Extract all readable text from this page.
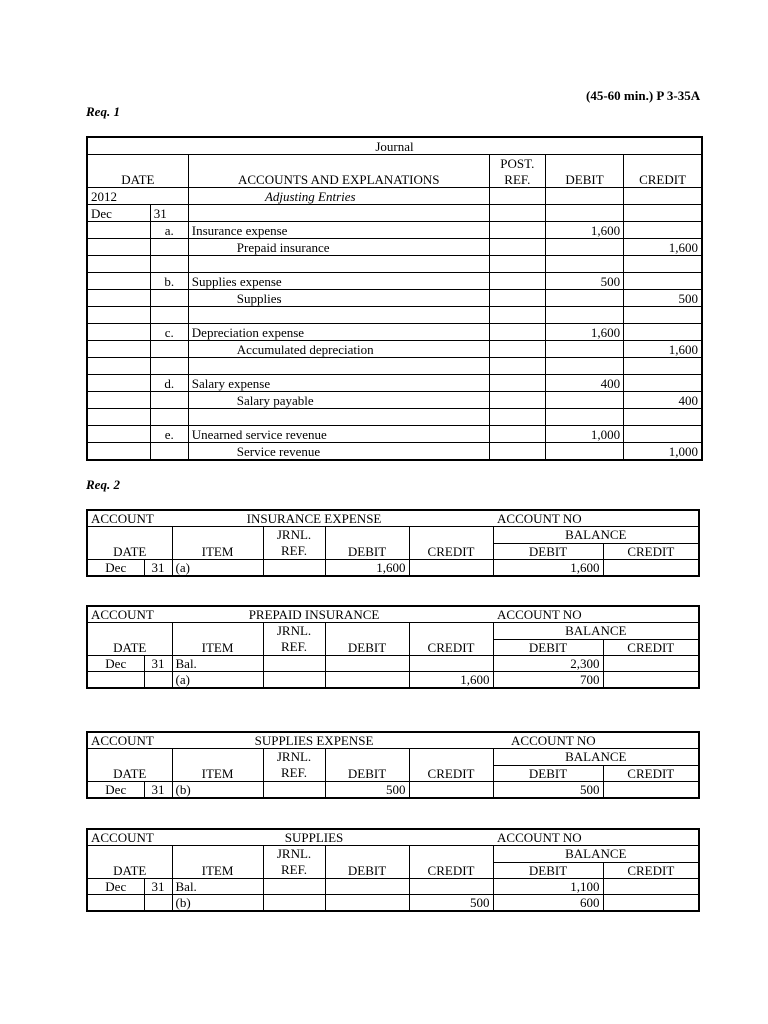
(45-60 min.) P 3-35A
Req. 1
Journal					
DATE		ACCOUNTS AND EXPLANATIONS	POST.	DEBIT	CREDIT
			REF.		
2012		Adjusting Entries			
Dec	31				
	a.	Insurance expense		1,600	
		Prepaid insurance			1,600

	b.	Supplies expense		500	
		Supplies			500

	c.	Depreciation expense		1,600	
		Accumulated depreciation			1,600

	d.	Salary expense		400	
		Salary payable			400

	e.	Unearned service revenue		1,000	
		Service revenue			1,000
Req. 2
ACCOUNT		INSURANCE EXPENSE				ACCOUNT NO	
DATE		ITEM	JRNL.
REF.	DEBIT	CREDIT	BALANCE	
						DEBIT	CREDIT
Dec	31	(a)		1,600		1,600	
ACCOUNT		PREPAID INSURANCE				ACCOUNT NO	
DATE		ITEM	JRNL.
REF.	DEBIT	CREDIT	BALANCE	
						DEBIT	CREDIT
Dec	31	Bal.				2,300	
		(a)			1,600	700	
ACCOUNT		SUPPLIES EXPENSE				ACCOUNT NO	
DATE		ITEM	JRNL.
REF.	DEBIT	CREDIT	BALANCE	
						DEBIT	CREDIT
Dec	31	(b)		500		500	
ACCOUNT		SUPPLIES				ACCOUNT NO	
DATE		ITEM	JRNL.
REF.	DEBIT	CREDIT	BALANCE	
						DEBIT	CREDIT
Dec	31	Bal.				1,100	
		(b)			500	600	
